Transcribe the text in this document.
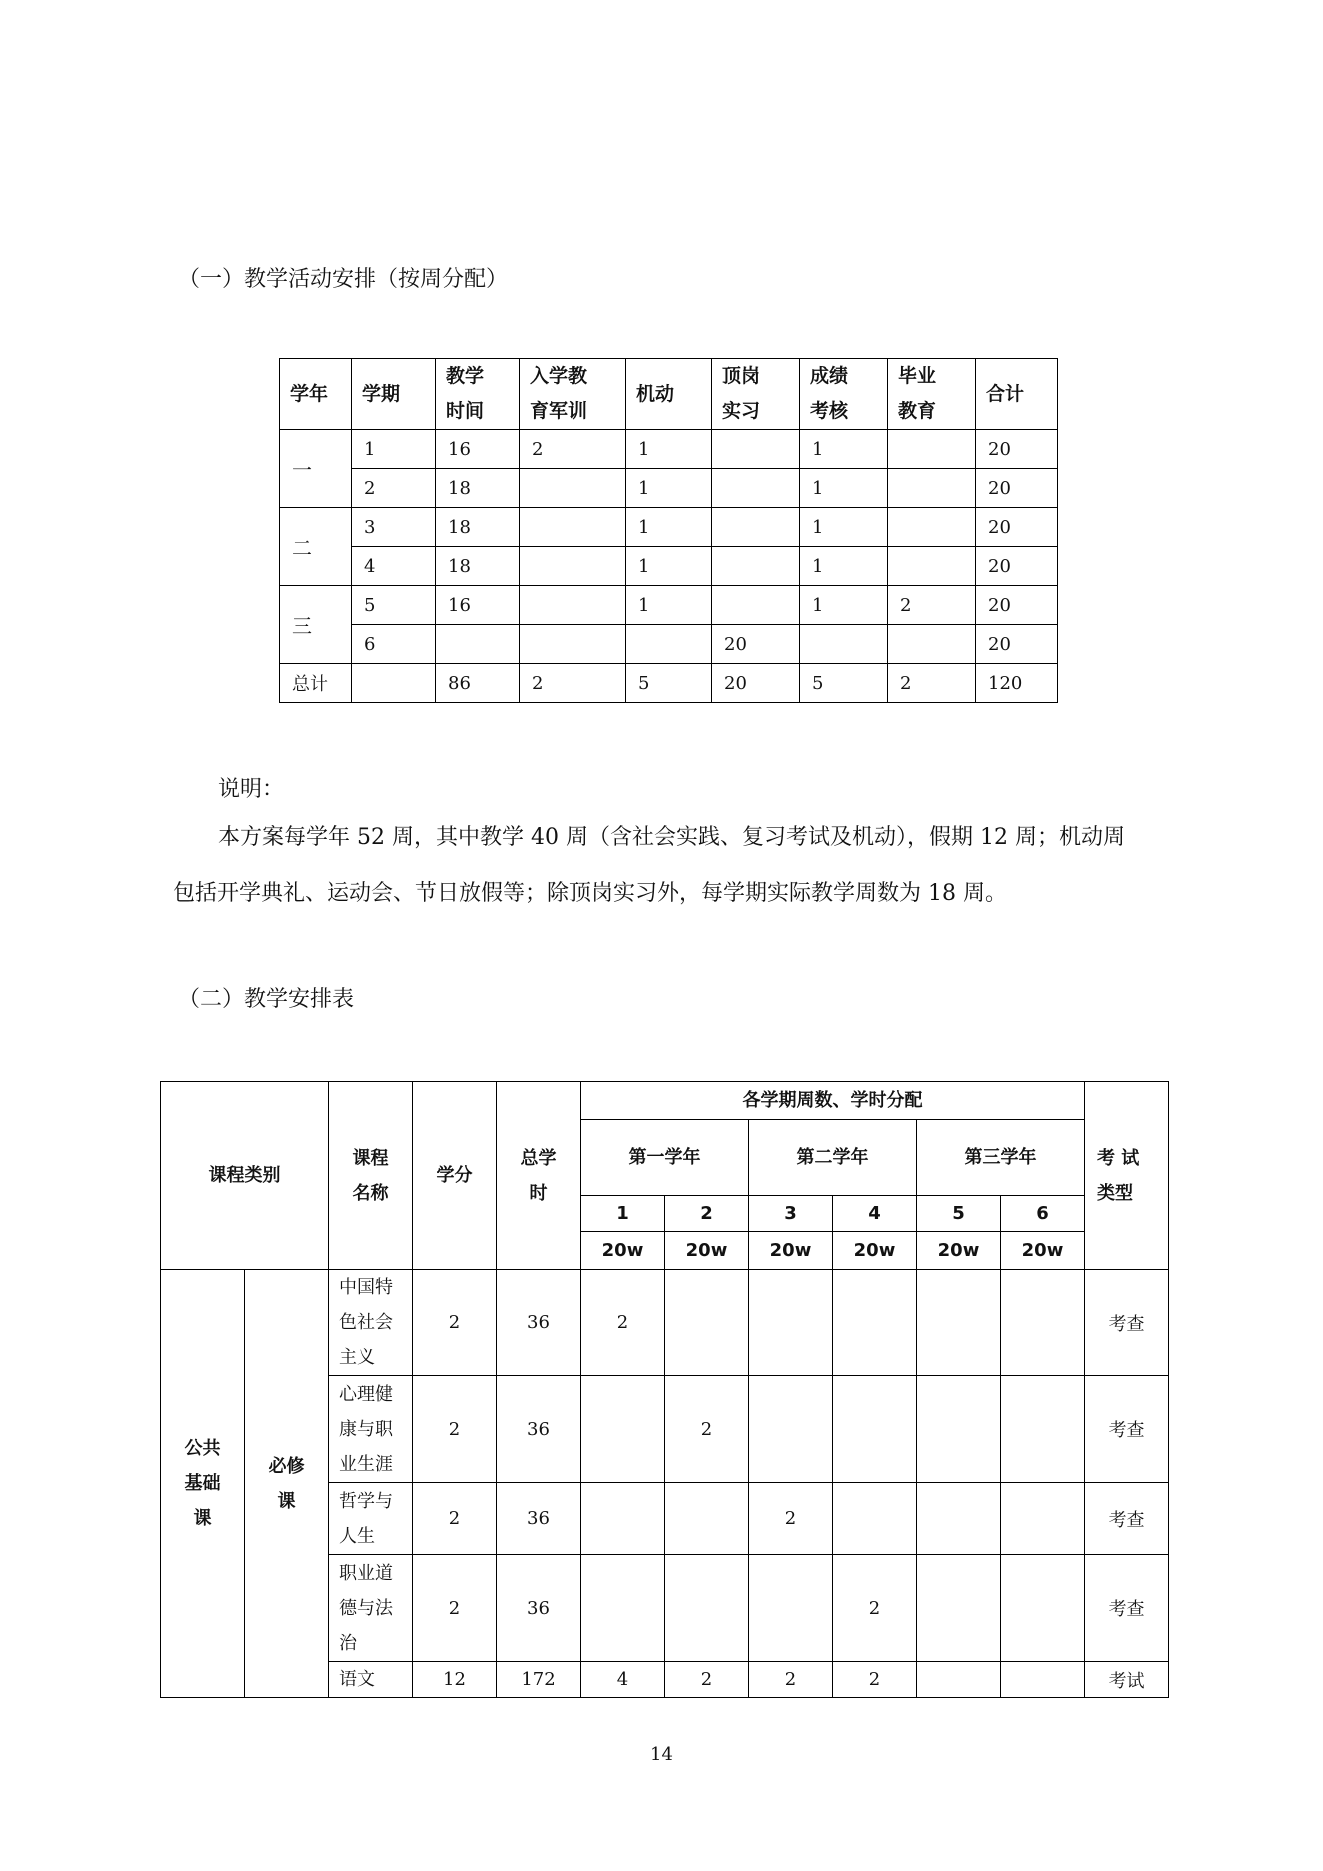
（一）教学活动安排（按周分配）
学年	学期	教学时间	入学教育军训	机动	顶岗实习	成绩考核	毕业教育	合计
一	1	16	2	1		1		20
	2	18		1		1		20
二	3	18		1		1		20
	4	18		1		1		20
三	5	16		1		1	2	20
	6				20			20
总计		86	2	5	20	5	2	120
说明：
本方案每学年 52 周，其中教学 40 周（含社会实践、复习考试及机动），假期 12 周；机动周
包括开学典礼、运动会、节日放假等；除顶岗实习外，每学期实际教学周数为 18 周。
（二）教学安排表
课程类别		课程名称	学分	总学时	各学期周数、学时分配						考 试 类型

					第一学年		第二学年		第三学年		
					1	2	3	4	5	6	
					20w	20w	20w	20w	20w	20w	

公共基础课	必修课	中国特色社会主义	2	36	2						考查

		心理健康与职业生涯	2	36		2					考查

		哲学与人生	2	36			2				考查

		职业道德与法治	2	36				2			考查
		语文	12	172	4	2	2	2			考试
14
